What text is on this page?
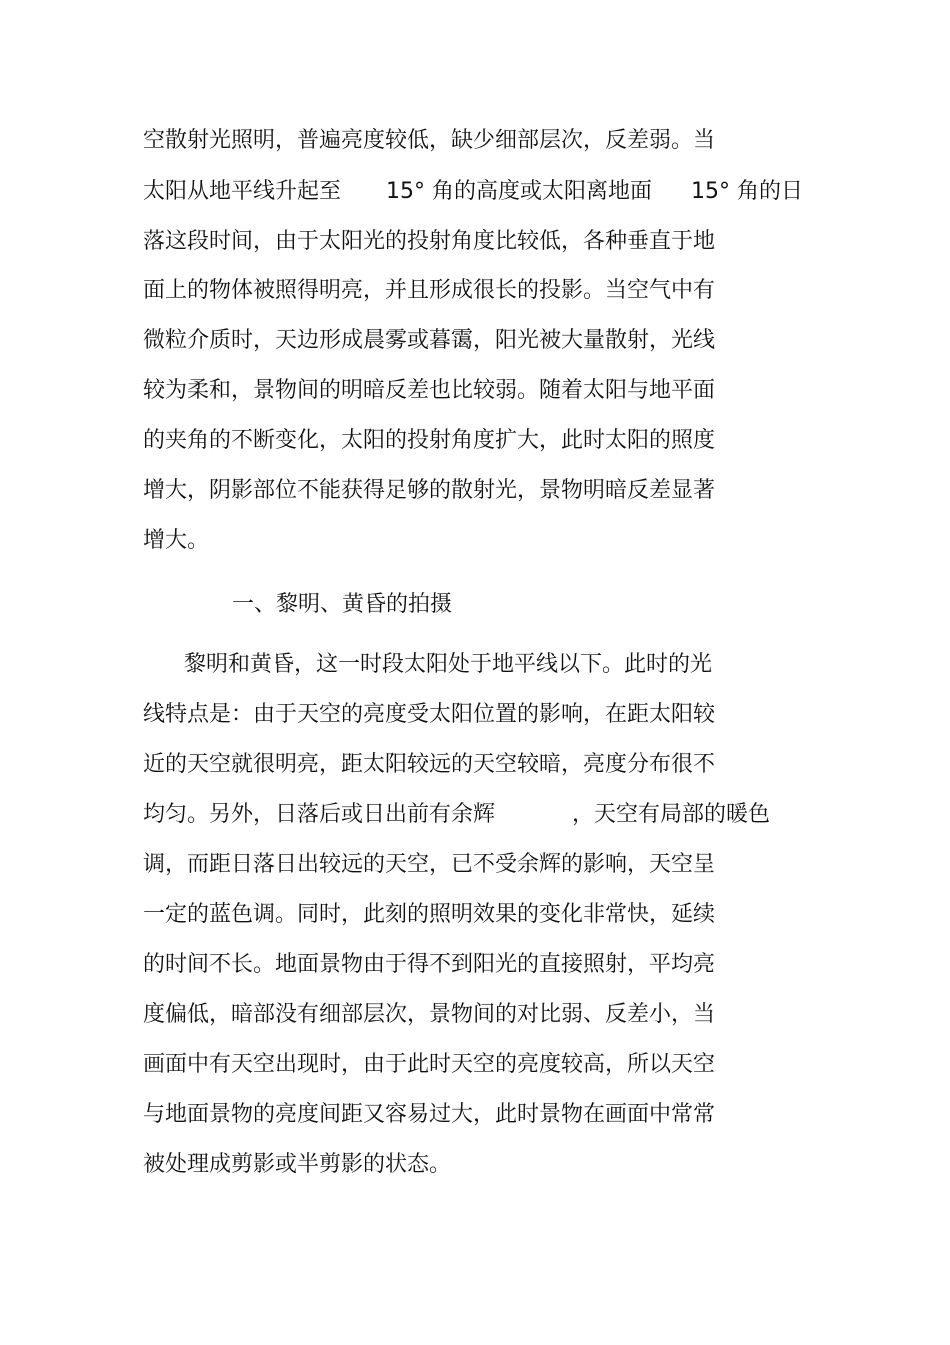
空散射光照明，普遍亮度较低，缺少细部层次，反差弱。当

太阳从地平线升起至

15° 角的高度或太阳离地面

15° 角的日

落这段时间，由于太阳光的投射角度比较低，各种垂直于地
面上的物体被照得明亮，并且形成很长的投影。当空气中有
微粒介质时，天边形成晨雾或暮霭，阳光被大量散射，光线
较为柔和，景物间的明暗反差也比较弱。随着太阳与地平面
的夹角的不断变化，太阳的投射角度扩大，此时太阳的照度
增大，阴影部位不能获得足够的散射光，景物明暗反差显著
增大。
一、黎明、黄昏的拍摄
黎明和黄昏，这一时段太阳处于地平线以下。此时的光
线特点是：由于天空的亮度受太阳位置的影响，在距太阳较
近的天空就很明亮，距太阳较远的天空较暗，亮度分布很不

均匀。另外，日落后或日出前有余辉

	，天空有局部的暖色

调，而距日落日出较远的天空，已不受余辉的影响，天空呈
一定的蓝色调。同时，此刻的照明效果的变化非常快，延续
的时间不长。地面景物由于得不到阳光的直接照射，平均亮
度偏低，暗部没有细部层次，景物间的对比弱、反差小，当
画面中有天空出现时，由于此时天空的亮度较高，所以天空
与地面景物的亮度间距又容易过大，此时景物在画面中常常
被处理成剪影或半剪影的状态。
